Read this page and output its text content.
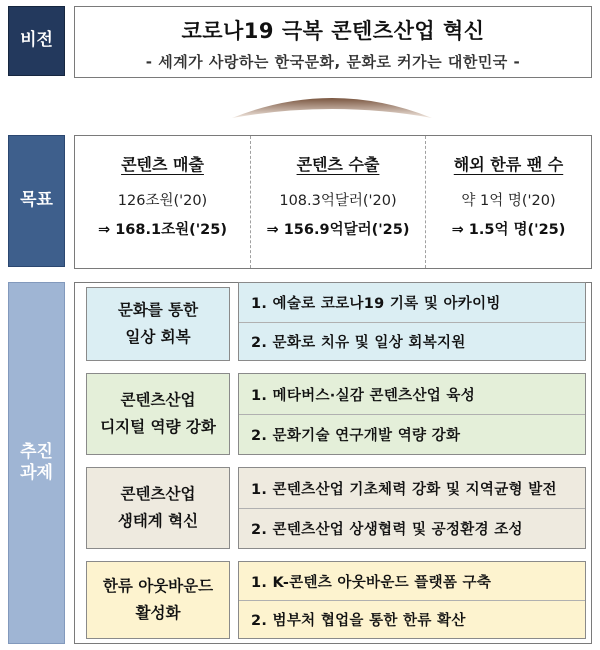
비전	코로나19 극복 콘텐츠산업 혁신
- 세계가 사랑하는 한국문화, 문화로 커가는 대한민국 -
목표
콘텐츠 매출
126조원('20)
⇒ 168.1조원('25)
콘텐츠 수출
108.3억달러('20)
⇒ 156.9억달러('25)
해외 한류 팬 수
약 1억 명('20)
⇒ 1.5억 명('25)
추진
과제
문화를 통한
일상 회복
1. 예술로 코로나19 기록 및 아카이빙
2. 문화로 치유 및 일상 회복지원
콘텐츠산업
디지털 역량 강화
1. 메타버스·실감 콘텐츠산업 육성
2. 문화기술 연구개발 역량 강화
콘텐츠산업
생태계 혁신
1. 콘텐츠산업 기초체력 강화 및 지역균형 발전
2. 콘텐츠산업 상생협력 및 공정환경 조성
한류 아웃바운드
활성화
1. K-콘텐츠 아웃바운드 플랫폼 구축
2. 범부처 협업을 통한 한류 확산
